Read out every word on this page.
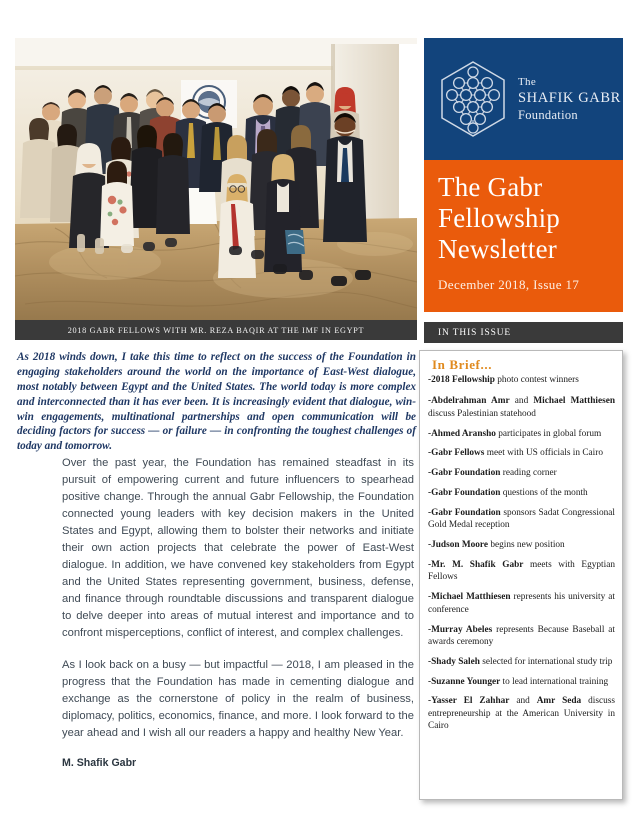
2018 GABR FELLOWS WITH MR. REZA BAQIR AT THE IMF IN EGYPT
The
SHAFIK GABR
Foundation
The Gabr Fellowship Newsletter
December 2018, Issue 17
IN THIS ISSUE
In Brief...
-2018 Fellowship photo contest winners
-Abdelrahman Amr and Michael Matthiesen discuss Palestinian statehood
-Ahmed Aransho participates in global forum
-Gabr Fellows meet with US officials in Cairo
-Gabr Foundation reading corner
-Gabr Foundation questions of the month
-Gabr Foundation sponsors Sadat Congressional Gold Medal reception
-Judson Moore begins new position
-Mr. M. Shafik Gabr meets with Egyptian Fellows
-Michael Matthiesen represents his university at conference
-Murray Abeles represents Because Baseball at awards ceremony
-Shady Saleh selected for international study trip
-Suzanne Younger to lead international training
-Yasser El Zahhar and Amr Seda discuss entrepreneurship at the American University in Cairo
As 2018 winds down, I take this time to reflect on the success of the Foundation in engaging stakeholders around the world on the importance of East-West dialogue, most notably between Egypt and the United States. The world today is more complex and interconnected than it has ever been. It is increasingly evident that dialogue, win-win engagements, multinational partnerships and open communication will be deciding factors for success — or failure — in confronting the toughest challenges of today and tomorrow.

Over the past year, the Foundation has remained steadfast in its pursuit of empowering current and future influencers to spearhead positive change. Through the annual Gabr Fellowship, the Foundation connected young leaders with key decision makers in the United States and Egypt, allowing them to bolster their networks and initiate their own action projects that celebrate the power of East-West dialogue. In addition, we have convened key stakeholders from Egypt and the United States representing government, business, defense, and finance through roundtable discussions and transparent dialogue to delve deeper into areas of mutual interest and importance and to confront misperceptions, conflict of interest, and complex challenges.

As I look back on a busy — but impactful — 2018, I am pleased in the progress that the Foundation has made in cementing dialogue and exchange as the cornerstone of policy in the realm of business, diplomacy, politics, economics, finance, and more. I look forward to the year ahead and I wish all our readers a happy and healthy New Year.

M. Shafik Gabr
